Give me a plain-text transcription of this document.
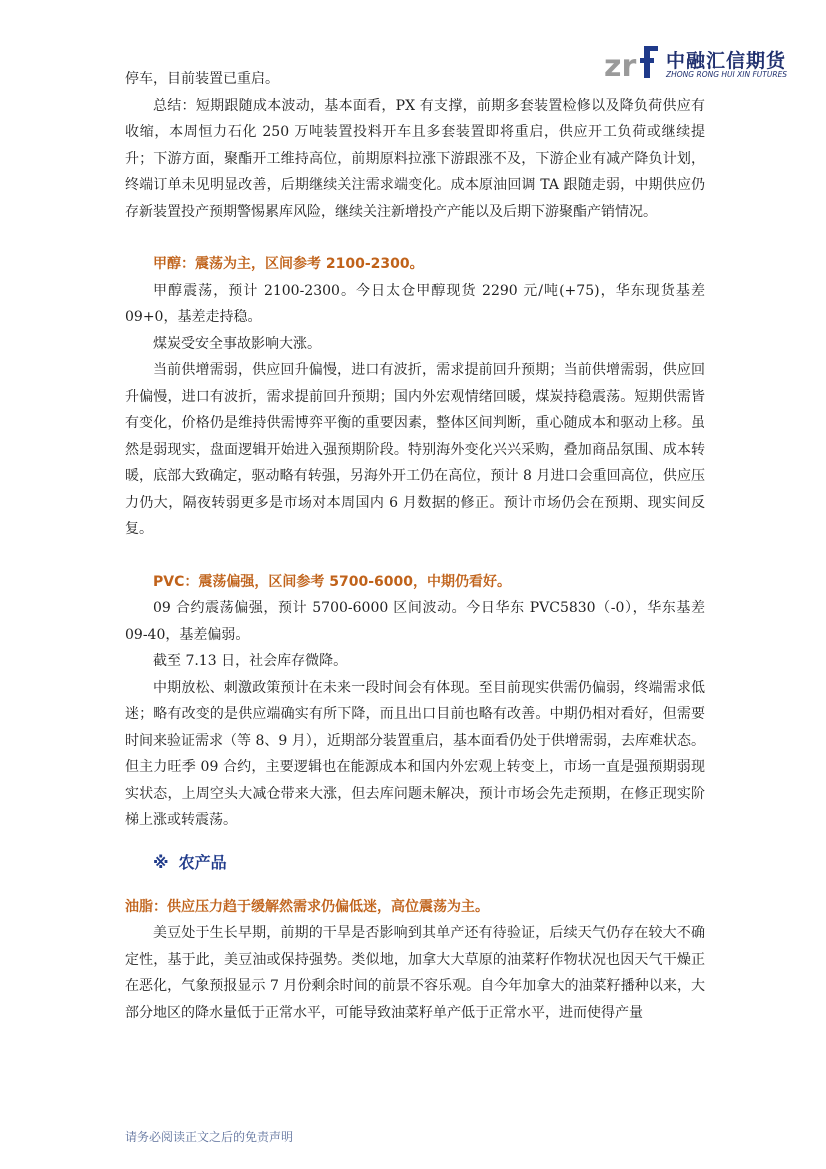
zr 中融汇信期货
ZHONG RONG HUI XIN FUTURES

停车，目前装置已重启。

总结：短期跟随成本波动，基本面看，PX 有支撑，前期多套装置检修以及降负荷供应有收缩，本周恒力石化 250 万吨装置投料开车且多套装置即将重启，供应开工负荷或继续提升；下游方面，聚酯开工维持高位，前期原料拉涨下游跟涨不及，下游企业有减产降负计划，终端订单未见明显改善，后期继续关注需求端变化。成本原油回调 TA 跟随走弱，中期供应仍存新装置投产预期警惕累库风险，继续关注新增投产产能以及后期下游聚酯产销情况。

甲醇：震荡为主，区间参考 2100-2300。

甲醇震荡，预计 2100-2300。今日太仓甲醇现货 2290 元/吨(+75)，华东现货基差 09+0，基差走持稳。

煤炭受安全事故影响大涨。

当前供增需弱，供应回升偏慢，进口有波折，需求提前回升预期；当前供增需弱，供应回升偏慢，进口有波折，需求提前回升预期；国内外宏观情绪回暖，煤炭持稳震荡。短期供需皆有变化，价格仍是维持供需博弈平衡的重要因素，整体区间判断，重心随成本和驱动上移。虽然是弱现实，盘面逻辑开始进入强预期阶段。特别海外变化兴兴采购，叠加商品氛围、成本转暖，底部大致确定，驱动略有转强，另海外开工仍在高位，预计 8 月进口会重回高位，供应压力仍大，隔夜转弱更多是市场对本周国内 6 月数据的修正。预计市场仍会在预期、现实间反复。

PVC：震荡偏强，区间参考 5700-6000，中期仍看好。

09 合约震荡偏强，预计 5700-6000 区间波动。今日华东 PVC5830（-0），华东基差 09-40，基差偏弱。

截至 7.13 日，社会库存微降。

中期放松、刺激政策预计在未来一段时间会有体现。至目前现实供需仍偏弱，终端需求低迷；略有改变的是供应端确实有所下降，而且出口目前也略有改善。中期仍相对看好，但需要时间来验证需求（等 8、9 月），近期部分装置重启，基本面看仍处于供增需弱，去库难状态。但主力旺季 09 合约，主要逻辑也在能源成本和国内外宏观上转变上，市场一直是强预期弱现实状态，上周空头大减仓带来大涨，但去库问题未解决，预计市场会先走预期，在修正现实阶梯上涨或转震荡。

※ 农产品

油脂：供应压力趋于缓解然需求仍偏低迷，高位震荡为主。

美豆处于生长早期，前期的干旱是否影响到其单产还有待验证，后续天气仍存在较大不确定性，基于此，美豆油或保持强势。类似地，加拿大大草原的油菜籽作物状况也因天气干燥正在恶化，气象预报显示 7 月份剩余时间的前景不容乐观。自今年加拿大的油菜籽播种以来，大部分地区的降水量低于正常水平，可能导致油菜籽单产低于正常水平，进而使得产量

请务必阅读正文之后的免责声明
